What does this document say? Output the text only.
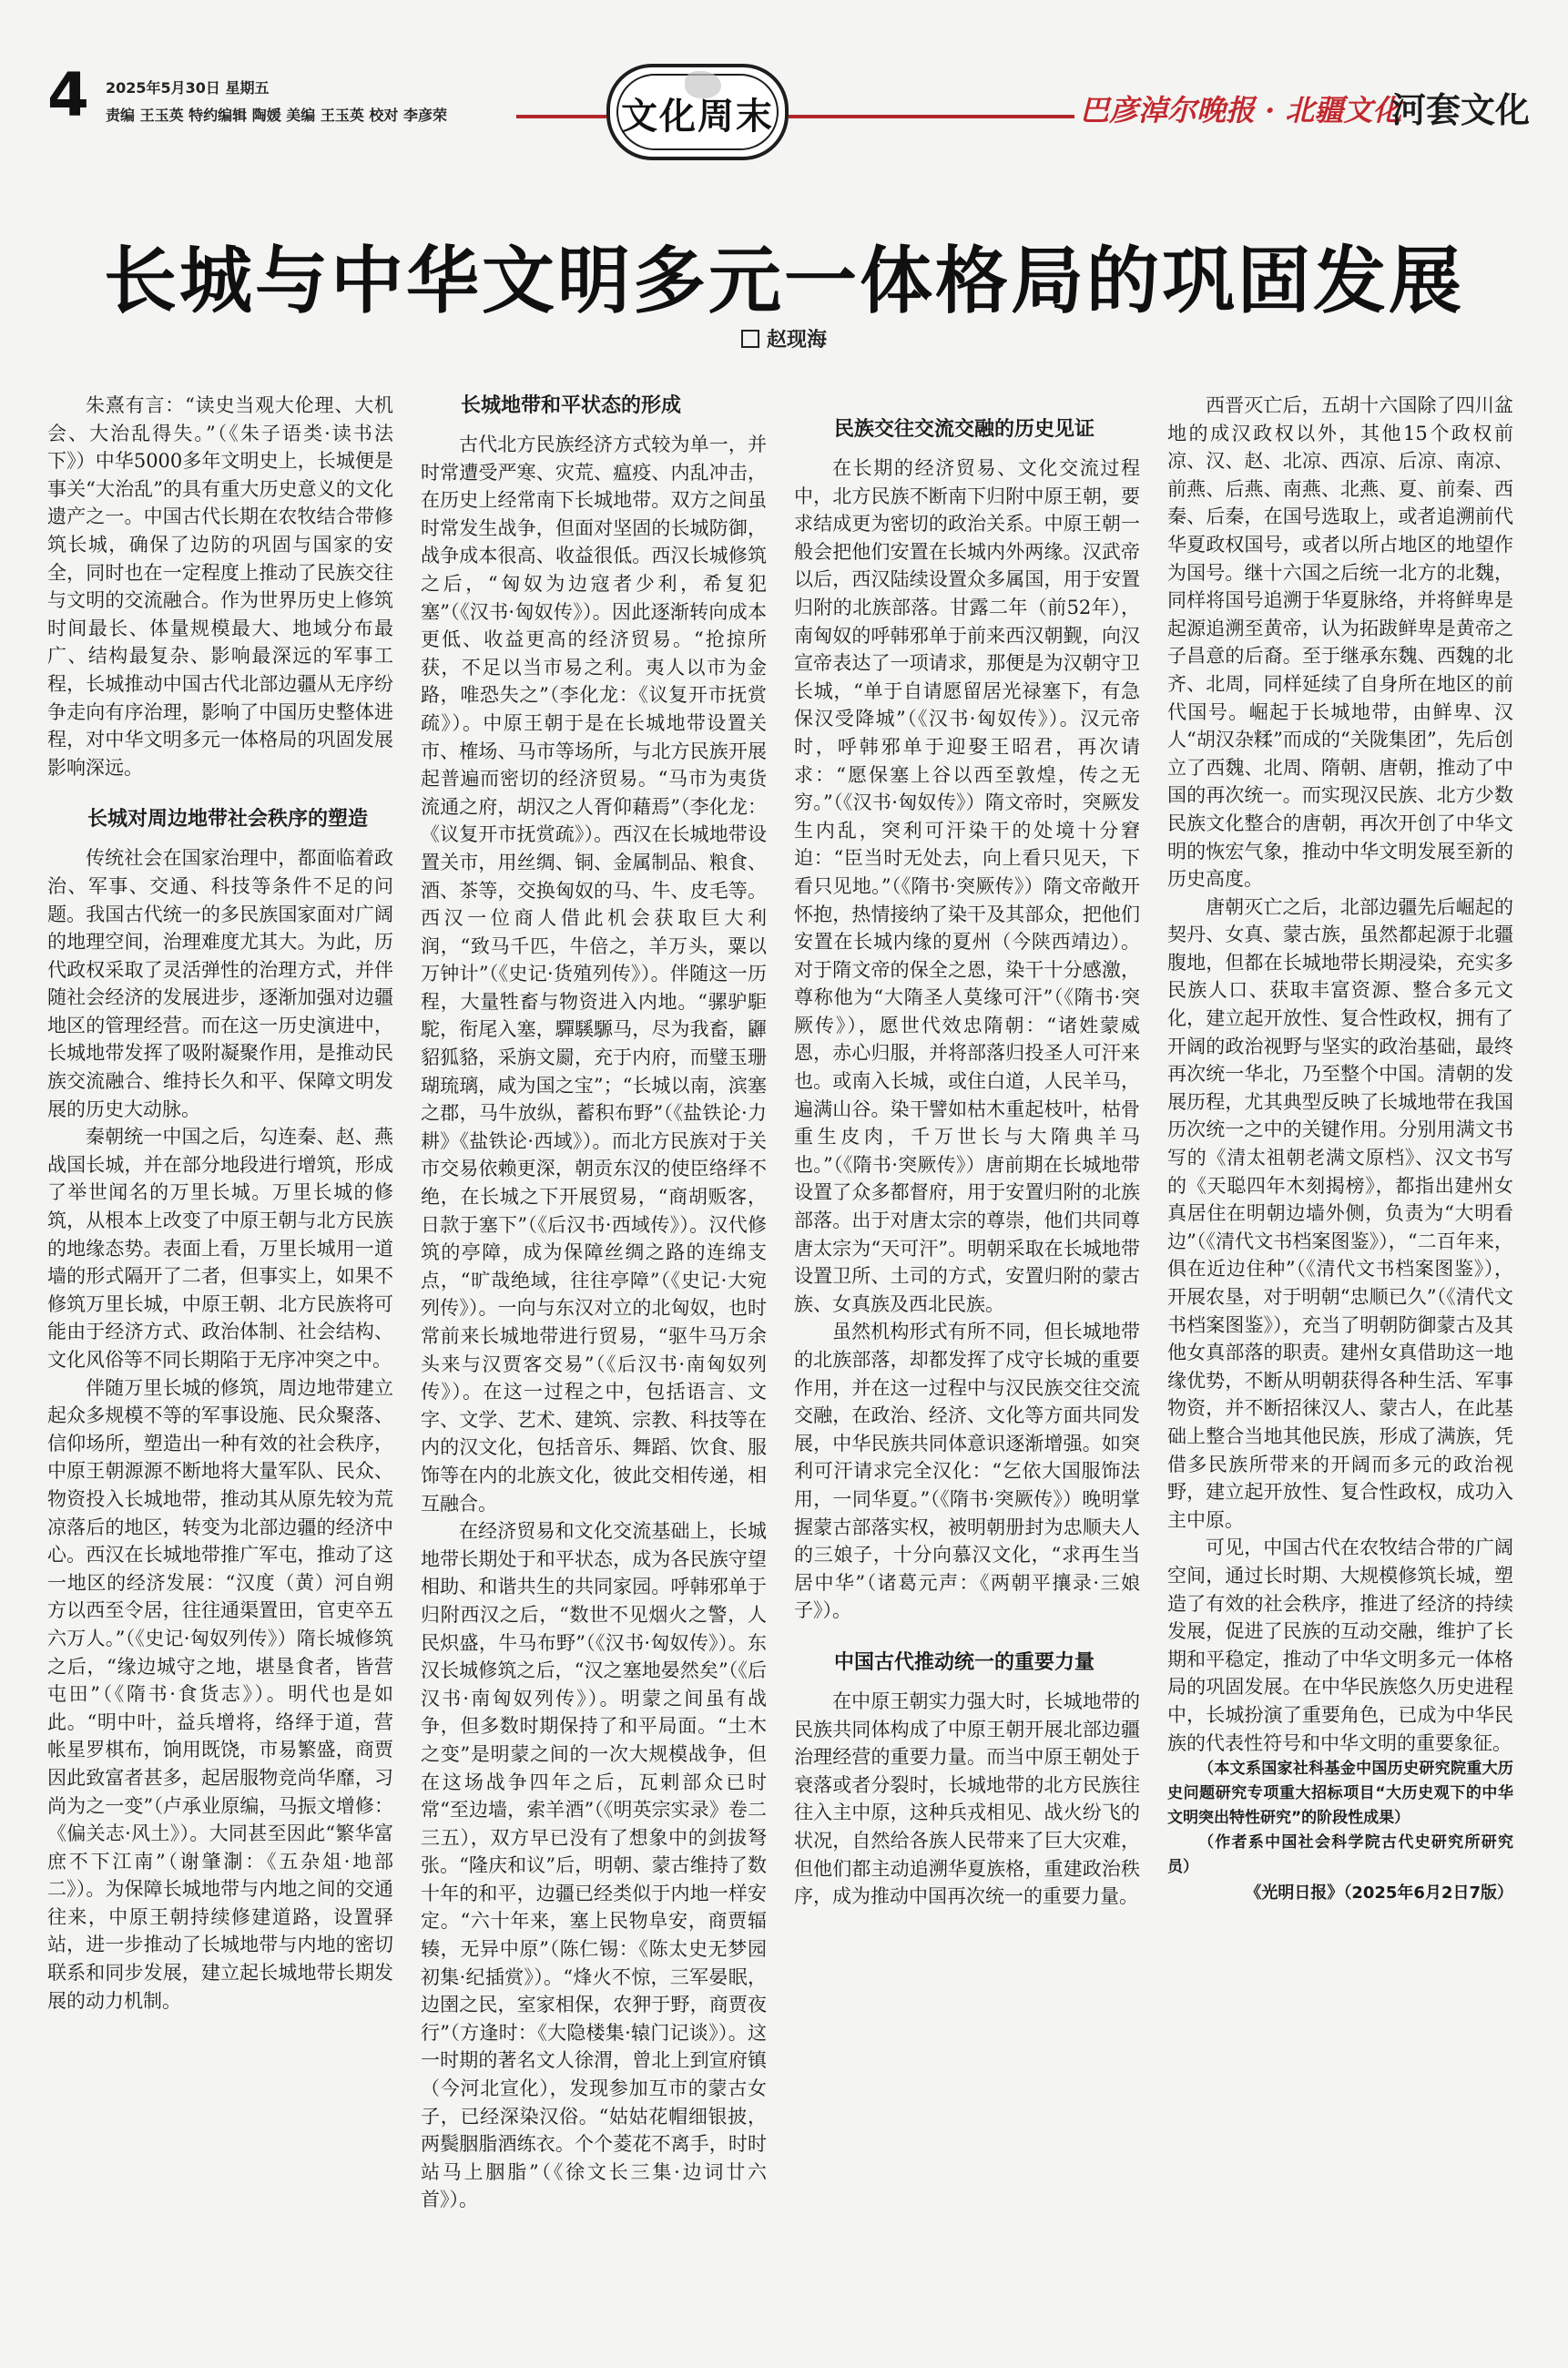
4 2025年5月30日 星期五
责编 王玉英 特约编辑 陶媛 美编 王玉英 校对 李彦荣	文化周末	巴彦淖尔晚报 · 北疆文化
河套文化
长城与中华文明多元一体格局的巩固发展
赵现海

朱熹有言：“读史当观大伦理、大机会、大治乱得失。”（《朱子语类·读书法下》）中华5000多年文明史上，长城便是事关“大治乱”的具有重大历史意义的文化遗产之一。中国古代长期在农牧结合带修筑长城，确保了边防的巩固与国家的安全，同时也在一定程度上推动了民族交往与文明的交流融合。作为世界历史上修筑时间最长、体量规模最大、地域分布最广、结构最复杂、影响最深远的军事工程，长城推动中国古代北部边疆从无序纷争走向有序治理，影响了中国历史整体进程，对中华文明多元一体格局的巩固发展影响深远。

长城对周边地带社会秩序的塑造

传统社会在国家治理中，都面临着政治、军事、交通、科技等条件不足的问题。我国古代统一的多民族国家面对广阔的地理空间，治理难度尤其大。为此，历代政权采取了灵活弹性的治理方式，并伴随社会经济的发展进步，逐渐加强对边疆地区的管理经营。而在这一历史演进中，长城地带发挥了吸附凝聚作用，是推动民族交流融合、维持长久和平、保障文明发展的历史大动脉。

秦朝统一中国之后，勾连秦、赵、燕战国长城，并在部分地段进行增筑，形成了举世闻名的万里长城。万里长城的修筑，从根本上改变了中原王朝与北方民族的地缘态势。表面上看，万里长城用一道墙的形式隔开了二者，但事实上，如果不修筑万里长城，中原王朝、北方民族将可能由于经济方式、政治体制、社会结构、文化风俗等不同长期陷于无序冲突之中。

伴随万里长城的修筑，周边地带建立起众多规模不等的军事设施、民众聚落、信仰场所，塑造出一种有效的社会秩序，中原王朝源源不断地将大量军队、民众、物资投入长城地带，推动其从原先较为荒凉落后的地区，转变为北部边疆的经济中心。西汉在长城地带推广军屯，推动了这一地区的经济发展：“汉度（黄）河自朔方以西至令居，往往通渠置田，官吏卒五六万人。”（《史记·匈奴列传》）隋长城修筑之后，“缘边城守之地，堪垦食者，皆营屯田”（《隋书·食货志》）。明代也是如此。“明中叶，益兵增将，络绎于道，营帐星罗棋布，饷用既饶，市易繁盛，商贾因此致富者甚多，起居服物竞尚华靡，习尚为之一变”（卢承业原编，马振文增修：《偏关志·风土》）。大同甚至因此“繁华富庶不下江南”（谢肇淛：《五杂俎·地部二》）。为保障长城地带与内地之间的交通往来，中原王朝持续修建道路，设置驿站，进一步推动了长城地带与内地的密切联系和同步发展，建立起长城地带长期发展的动力机制。

长城地带和平状态的形成

古代北方民族经济方式较为单一，并时常遭受严寒、灾荒、瘟疫、内乱冲击，在历史上经常南下长城地带。双方之间虽时常发生战争，但面对坚固的长城防御，战争成本很高、收益很低。西汉长城修筑之后，“匈奴为边寇者少利，希复犯塞”（《汉书·匈奴传》）。因此逐渐转向成本更低、收益更高的经济贸易。“抢掠所获，不足以当市易之利。夷人以市为金路，唯恐失之”（李化龙：《议复开市抚赏疏》）。中原王朝于是在长城地带设置关市、榷场、马市等场所，与北方民族开展起普遍而密切的经济贸易。“马市为夷货流通之府，胡汉之人胥仰藉焉”（李化龙：《议复开市抚赏疏》）。西汉在长城地带设置关市，用丝绸、铜、金属制品、粮食、酒、茶等，交换匈奴的马、牛、皮毛等。西汉一位商人借此机会获取巨大利润，“致马千匹，牛倍之，羊万头，粟以万钟计”（《史记·货殖列传》）。伴随这一历程，大量牲畜与物资进入内地。“骡驴駏駝，衔尾入塞，驒騱騵马，尽为我畜，鼲貂狐貉，采旃文罽，充于内府，而璧玉珊瑚琉璃，咸为国之宝”；“长城以南，滨塞之郡，马牛放纵，蓄积布野”（《盐铁论·力耕》《盐铁论·西域》）。而北方民族对于关市交易依赖更深，朝贡东汉的使臣络绎不绝，在长城之下开展贸易，“商胡贩客，日款于塞下”（《后汉书·西域传》）。汉代修筑的亭障，成为保障丝绸之路的连绵支点，“旷哉绝域，往往亭障”（《史记·大宛列传》）。一向与东汉对立的北匈奴，也时常前来长城地带进行贸易，“驱牛马万余头来与汉贾客交易”（《后汉书·南匈奴列传》）。在这一过程之中，包括语言、文字、文学、艺术、建筑、宗教、科技等在内的汉文化，包括音乐、舞蹈、饮食、服饰等在内的北族文化，彼此交相传递，相互融合。

在经济贸易和文化交流基础上，长城地带长期处于和平状态，成为各民族守望相助、和谐共生的共同家园。呼韩邪单于归附西汉之后，“数世不见烟火之警，人民炽盛，牛马布野”（《汉书·匈奴传》）。东汉长城修筑之后，“汉之塞地晏然矣”（《后汉书·南匈奴列传》）。明蒙之间虽有战争，但多数时期保持了和平局面。“土木之变”是明蒙之间的一次大规模战争，但在这场战争四年之后，瓦剌部众已时常“至边墙，索羊酒”（《明英宗实录》卷二三五），双方早已没有了想象中的剑拔弩张。“隆庆和议”后，明朝、蒙古维持了数十年的和平，边疆已经类似于内地一样安定。“六十年来，塞上民物阜安，商贾辐辏，无异中原”（陈仁锡：《陈太史无梦园初集·纪插赏》）。“烽火不惊，三军晏眠，边圉之民，室家相保，农狎于野，商贾夜行”（方逢时：《大隐楼集·辕门记谈》）。这一时期的著名文人徐渭，曾北上到宣府镇（今河北宣化），发现参加互市的蒙古女子，已经深染汉俗。“姑姑花帽细银披，两鬓胭脂酒练衣。个个菱花不离手，时时站马上胭脂”（《徐文长三集·边词廿六首》）。

民族交往交流交融的历史见证

在长期的经济贸易、文化交流过程中，北方民族不断南下归附中原王朝，要求结成更为密切的政治关系。中原王朝一般会把他们安置在长城内外两缘。汉武帝以后，西汉陆续设置众多属国，用于安置归附的北族部落。甘露二年（前52年），南匈奴的呼韩邪单于前来西汉朝觐，向汉宣帝表达了一项请求，那便是为汉朝守卫长城，“单于自请愿留居光禄塞下，有急保汉受降城”（《汉书·匈奴传》）。汉元帝时，呼韩邪单于迎娶王昭君，再次请求：“愿保塞上谷以西至敦煌，传之无穷。”（《汉书·匈奴传》）隋文帝时，突厥发生内乱，突利可汗染干的处境十分窘迫：“臣当时无处去，向上看只见天，下看只见地。”（《隋书·突厥传》）隋文帝敞开怀抱，热情接纳了染干及其部众，把他们安置在长城内缘的夏州（今陕西靖边）。对于隋文帝的保全之恩，染干十分感激，尊称他为“大隋圣人莫缘可汗”（《隋书·突厥传》），愿世代效忠隋朝：“诸姓蒙威恩，赤心归服，并将部落归投圣人可汗来也。或南入长城，或住白道，人民羊马，遍满山谷。染干譬如枯木重起枝叶，枯骨重生皮肉，千万世长与大隋典羊马也。”（《隋书·突厥传》）唐前期在长城地带设置了众多都督府，用于安置归附的北族部落。出于对唐太宗的尊崇，他们共同尊唐太宗为“天可汗”。明朝采取在长城地带设置卫所、土司的方式，安置归附的蒙古族、女真族及西北民族。

虽然机构形式有所不同，但长城地带的北族部落，却都发挥了戍守长城的重要作用，并在这一过程中与汉民族交往交流交融，在政治、经济、文化等方面共同发展，中华民族共同体意识逐渐增强。如突利可汗请求完全汉化：“乞依大国服饰法用，一同华夏。”（《隋书·突厥传》）晚明掌握蒙古部落实权，被明朝册封为忠顺夫人的三娘子，十分向慕汉文化，“求再生当居中华”（诸葛元声：《两朝平攘录·三娘子》）。

中国古代推动统一的重要力量

在中原王朝实力强大时，长城地带的民族共同体构成了中原王朝开展北部边疆治理经营的重要力量。而当中原王朝处于衰落或者分裂时，长城地带的北方民族往往入主中原，这种兵戎相见、战火纷飞的状况，自然给各族人民带来了巨大灾难，但他们都主动追溯华夏族格，重建政治秩序，成为推动中国再次统一的重要力量。

西晋灭亡后，五胡十六国除了四川盆地的成汉政权以外，其他15个政权前凉、汉、赵、北凉、西凉、后凉、南凉、前燕、后燕、南燕、北燕、夏、前秦、西秦、后秦，在国号选取上，或者追溯前代华夏政权国号，或者以所占地区的地望作为国号。继十六国之后统一北方的北魏，同样将国号追溯于华夏脉络，并将鲜卑是起源追溯至黄帝，认为拓跋鲜卑是黄帝之子昌意的后裔。至于继承东魏、西魏的北齐、北周，同样延续了自身所在地区的前代国号。崛起于长城地带，由鲜卑、汉人“胡汉杂糅”而成的“关陇集团”，先后创立了西魏、北周、隋朝、唐朝，推动了中国的再次统一。而实现汉民族、北方少数民族文化整合的唐朝，再次开创了中华文明的恢宏气象，推动中华文明发展至新的历史高度。

唐朝灭亡之后，北部边疆先后崛起的契丹、女真、蒙古族，虽然都起源于北疆腹地，但都在长城地带长期浸染，充实多民族人口、获取丰富资源、整合多元文化，建立起开放性、复合性政权，拥有了开阔的政治视野与坚实的政治基础，最终再次统一华北，乃至整个中国。清朝的发展历程，尤其典型反映了长城地带在我国历次统一之中的关键作用。分别用满文书写的《清太祖朝老满文原档》、汉文书写的《天聪四年木刻揭榜》，都指出建州女真居住在明朝边墙外侧，负责为“大明看边”（《清代文书档案图鉴》），“二百年来，俱在近边住种”（《清代文书档案图鉴》），开展农垦，对于明朝“忠顺已久”（《清代文书档案图鉴》），充当了明朝防御蒙古及其他女真部落的职责。建州女真借助这一地缘优势，不断从明朝获得各种生活、军事物资，并不断招徕汉人、蒙古人，在此基础上整合当地其他民族，形成了满族，凭借多民族所带来的开阔而多元的政治视野，建立起开放性、复合性政权，成功入主中原。

可见，中国古代在农牧结合带的广阔空间，通过长时期、大规模修筑长城，塑造了有效的社会秩序，推进了经济的持续发展，促进了民族的互动交融，维护了长期和平稳定，推动了中华文明多元一体格局的巩固发展。在中华民族悠久历史进程中，长城扮演了重要角色，已成为中华民族的代表性符号和中华文明的重要象征。

（本文系国家社科基金中国历史研究院重大历史问题研究专项重大招标项目“大历史观下的中华文明突出特性研究”的阶段性成果）

（作者系中国社会科学院古代史研究所研究员）

《光明日报》（2025年6月2日7版）
